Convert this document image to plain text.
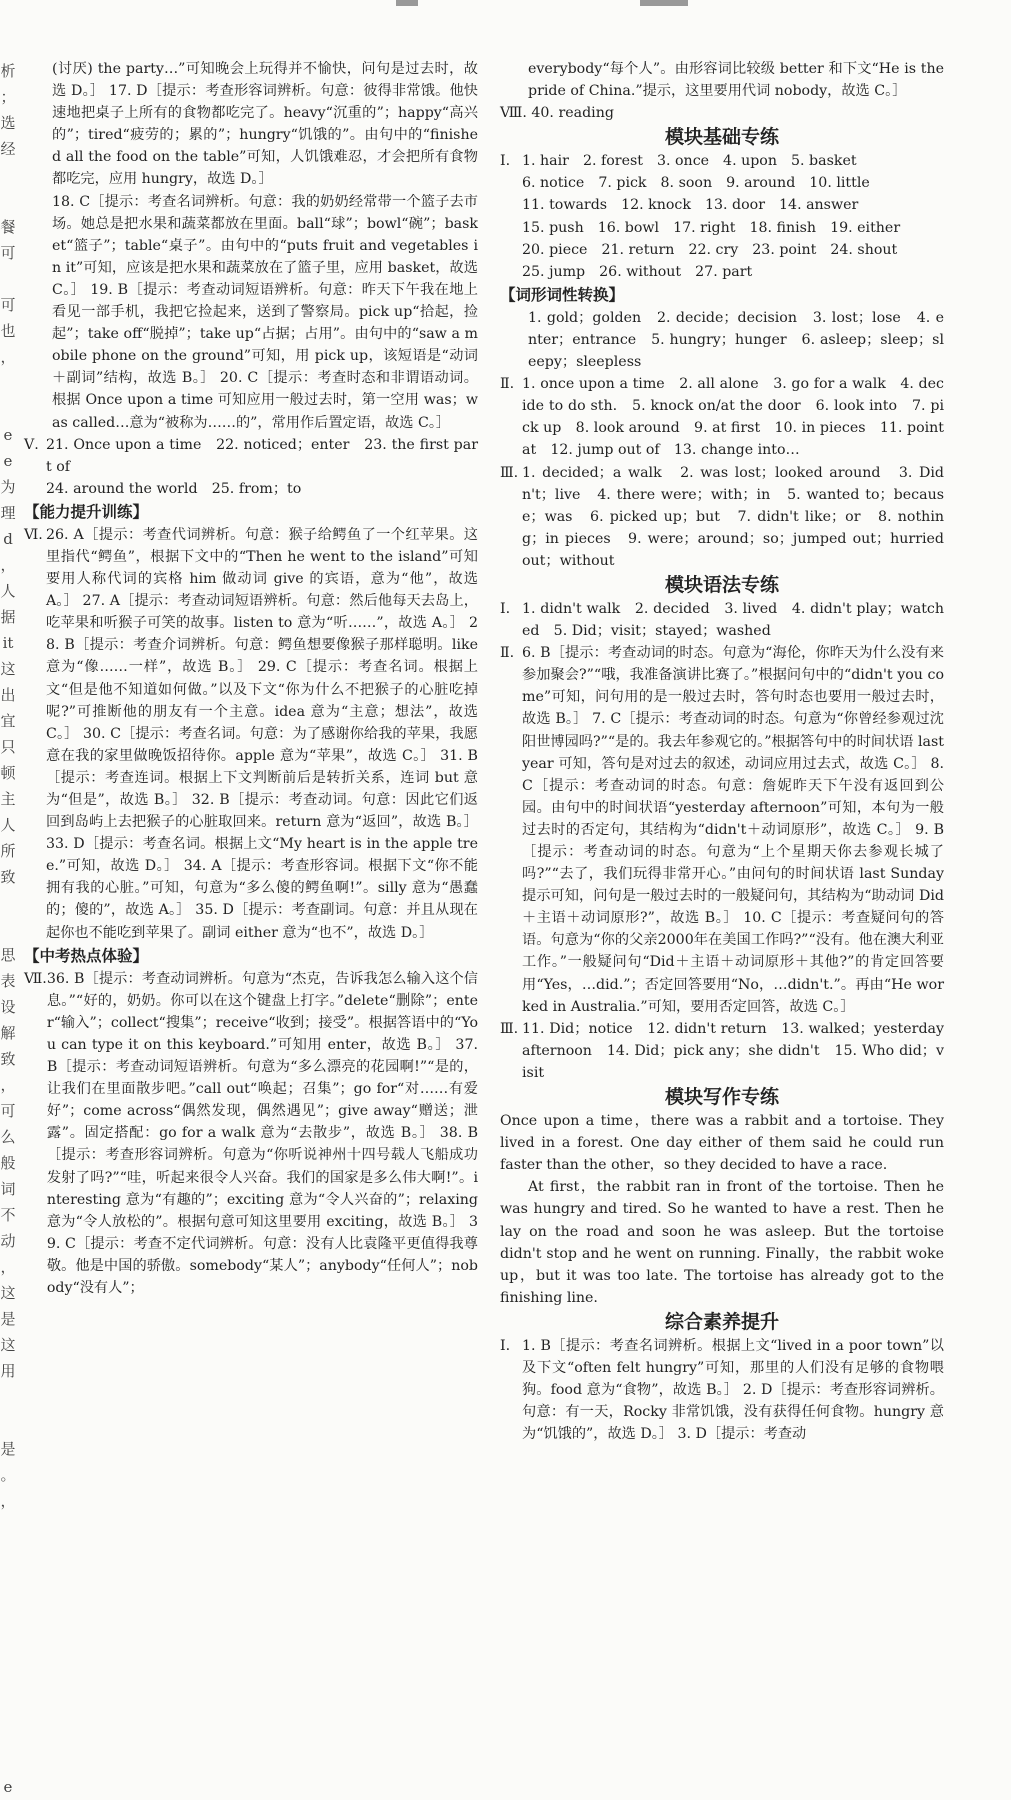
析
；
选
经

餐
可

可
也
，

e
e
为
理
d
，
人
据
it
这
出
宜
只
顿
主
人
所
致

思
表
设
解
致
，
可
么
般
词
不
动
，
这
是
这
用

是
。
，

e
(讨厌) the party…”可知晚会上玩得并不愉快，问句是过去时，故选 D。］ 17. D［提示：考查形容词辨析。句意：彼得非常饿。他快速地把桌子上所有的食物都吃完了。heavy“沉重的”；happy“高兴的”；tired“疲劳的；累的”；hungry“饥饿的”。由句中的“finished all the food on the table”可知，人饥饿难忍，才会把所有食物都吃完，应用 hungry，故选 D。］
18. C［提示：考查名词辨析。句意：我的奶奶经常带一个篮子去市场。她总是把水果和蔬菜都放在里面。ball“球”；bowl“碗”；basket“篮子”；table“桌子”。由句中的“puts fruit and vegetables in it”可知，应该是把水果和蔬菜放在了篮子里，应用 basket，故选 C。］ 19. B［提示：考查动词短语辨析。句意：昨天下午我在地上看见一部手机，我把它捡起来，送到了警察局。pick up“拾起，捡起”；take off“脱掉”；take up“占据；占用”。由句中的“saw a mobile phone on the ground”可知，用 pick up，该短语是“动词＋副词”结构，故选 B。］ 20. C［提示：考查时态和非谓语动词。根据 Once upon a time 可知应用一般过去时，第一空用 was；was called…意为“被称为……的”，常用作后置定语，故选 C。］
Ⅴ. 21. Once upon a time　22. noticed；enter　23. the first part of
24. around the world　25. from；to
【能力提升训练】
Ⅵ. 26. A［提示：考查代词辨析。句意：猴子给鳄鱼了一个红苹果。这里指代“鳄鱼”，根据下文中的“Then he went to the island”可知要用人称代词的宾格 him 做动词 give 的宾语，意为“他”，故选 A。］ 27. A［提示：考查动词短语辨析。句意：然后他每天去岛上，吃苹果和听猴子可笑的故事。listen to 意为“听……”，故选 A。］ 28. B［提示：考查介词辨析。句意：鳄鱼想要像猴子那样聪明。like 意为“像……一样”，故选 B。］ 29. C［提示：考查名词。根据上文“但是他不知道如何做。”以及下文“你为什么不把猴子的心脏吃掉呢?”可推断他的朋友有一个主意。idea 意为“主意；想法”，故选 C。］ 30. C［提示：考查名词。句意：为了感谢你给我的苹果，我愿意在我的家里做晚饭招待你。apple 意为“苹果”，故选 C。］ 31. B［提示：考查连词。根据上下文判断前后是转折关系，连词 but 意为“但是”，故选 B。］ 32. B［提示：考查动词。句意：因此它们返回到岛屿上去把猴子的心脏取回来。return 意为“返回”，故选 B。］ 33. D［提示：考查名词。根据上文“My heart is in the apple tree.”可知，故选 D。］ 34. A［提示：考查形容词。根据下文“你不能拥有我的心脏。”可知，句意为“多么傻的鳄鱼啊!”。silly 意为“愚蠢的；傻的”，故选 A。］ 35. D［提示：考查副词。句意：并且从现在起你也不能吃到苹果了。副词 either 意为“也不”，故选 D。］
【中考热点体验】
Ⅶ. 36. B［提示：考查动词辨析。句意为“杰克，告诉我怎么输入这个信息。”“好的，奶奶。你可以在这个键盘上打字。”delete“删除”；enter“输入”；collect“搜集”；receive“收到；接受”。根据答语中的“You can type it on this keyboard.”可知用 enter，故选 B。］ 37. B［提示：考查动词短语辨析。句意为“多么漂亮的花园啊!”“是的，让我们在里面散步吧。”call out“唤起；召集”；go for“对……有爱好”；come across“偶然发现，偶然遇见”；give away“赠送；泄露”。固定搭配：go for a walk 意为“去散步”，故选 B。］ 38. B［提示：考查形容词辨析。句意为“你听说神州十四号载人飞船成功发射了吗?”“哇，听起来很令人兴奋。我们的国家是多么伟大啊!”。interesting 意为“有趣的”；exciting 意为“令人兴奋的”；relaxing 意为“令人放松的”。根据句意可知这里要用 exciting，故选 B。］ 39. C［提示：考查不定代词辨析。句意：没有人比袁隆平更值得我尊敬。他是中国的骄傲。somebody“某人”；anybody“任何人”；nobody“没有人”；
everybody“每个人”。由形容词比较级 better 和下文“He is the pride of China.”提示，这里要用代词 nobody，故选 C。］
Ⅷ. 40. reading
模块基础专练
Ⅰ. 1. hair 2. forest 3. once 4. upon 5. basket
6. notice 7. pick 8. soon 9. around 10. little
11. towards 12. knock 13. door 14. answer
15. push 16. bowl 17. right 18. finish 19. either
20. piece 21. return 22. cry 23. point 24. shout
25. jump 26. without 27. part
【词形词性转换】
1. gold；golden　2. decide；decision　3. lost；lose　4. enter；entrance　5. hungry；hunger　6. asleep；sleep；sleepy；sleepless
Ⅱ. 1. once upon a time　2. all alone　3. go for a walk　4. decide to do sth.　5. knock on/at the door　6. look into　7. pick up　8. look around　9. at first　10. in pieces　11. point at　12. jump out of　13. change into…
Ⅲ. 1. decided；a walk　2. was lost；looked around　3. Didn't；live　4. there were；with；in　5. wanted to；because；was　6. picked up；but　7. didn't like；or　8. nothing；in pieces　9. were；around；so；jumped out；hurried out；without
模块语法专练
Ⅰ. 1. didn't walk　2. decided　3. lived　4. didn't play；watched　5. Did；visit；stayed；washed
Ⅱ. 6. B［提示：考查动词的时态。句意为“海伦，你昨天为什么没有来参加聚会?”“哦，我准备演讲比赛了。”根据问句中的“didn't you come”可知，问句用的是一般过去时，答句时态也要用一般过去时，故选 B。］ 7. C［提示：考查动词的时态。句意为“你曾经参观过沈阳世博园吗?”“是的。我去年参观它的。”根据答句中的时间状语 last year 可知，答句是对过去的叙述，动词应用过去式，故选 C。］ 8. C［提示：考查动词的时态。句意：詹妮昨天下午没有返回到公园。由句中的时间状语“yesterday afternoon”可知，本句为一般过去时的否定句，其结构为“didn't＋动词原形”，故选 C。］ 9. B［提示：考查动词的时态。句意为“上个星期天你去参观长城了吗?”“去了，我们玩得非常开心。”由问句的时间状语 last Sunday 提示可知，问句是一般过去时的一般疑问句，其结构为“助动词 Did＋主语＋动词原形?”，故选 B。］ 10. C［提示：考查疑问句的答语。句意为“你的父亲2000年在美国工作吗?”“没有。他在澳大利亚工作。”一般疑问句“Did＋主语＋动词原形＋其他?”的肯定回答要用“Yes，…did.”；否定回答要用“No，…didn't.”。再由“He worked in Australia.”可知，要用否定回答，故选 C。］
Ⅲ. 11. Did；notice　12. didn't return　13. walked；yesterday afternoon　14. Did；pick any；she didn't　15. Who did；visit
模块写作专练

Once upon a time，there was a rabbit and a tortoise. They lived in a forest. One day either of them said he could run faster than the other，so they decided to have a race.

At first，the rabbit ran in front of the tortoise. Then he was hungry and tired. So he wanted to have a rest. Then he lay on the road and soon he was asleep. But the tortoise didn't stop and he went on running. Finally，the rabbit woke up，but it was too late. The tortoise has already got to the finishing line.

综合素养提升
Ⅰ. 1. B［提示：考查名词辨析。根据上文“lived in a poor town”以及下文“often felt hungry”可知，那里的人们没有足够的食物喂狗。food 意为“食物”，故选 B。］ 2. D［提示：考查形容词辨析。句意：有一天，Rocky 非常饥饿，没有获得任何食物。hungry 意为“饥饿的”，故选 D。］ 3. D［提示：考查动
